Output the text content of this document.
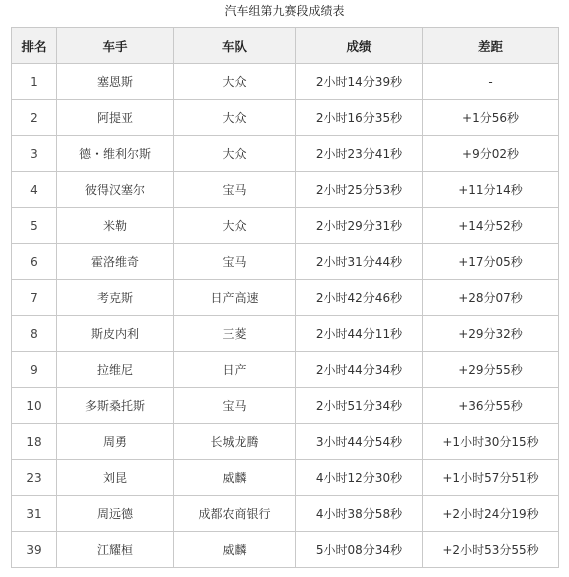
汽车组第九赛段成绩表
排名	车手	车队	成绩	差距
1	塞恩斯	大众	2小时14分39秒	-
2	阿提亚	大众	2小时16分35秒	+1分56秒
3	德・维利尔斯	大众	2小时23分41秒	+9分02秒
4	彼得汉塞尔	宝马	2小时25分53秒	+11分14秒
5	米勒	大众	2小时29分31秒	+14分52秒
6	霍洛维奇	宝马	2小时31分44秒	+17分05秒
7	考克斯	日产高速	2小时42分46秒	+28分07秒
8	斯皮内利	三菱	2小时44分11秒	+29分32秒
9	拉维尼	日产	2小时44分34秒	+29分55秒
10	多斯桑托斯	宝马	2小时51分34秒	+36分55秒
18	周勇	长城龙腾	3小时44分54秒	+1小时30分15秒
23	刘昆	威麟	4小时12分30秒	+1小时57分51秒
31	周远德	成都农商银行	4小时38分58秒	+2小时24分19秒
39	江耀桓	威麟	5小时08分34秒	+2小时53分55秒
